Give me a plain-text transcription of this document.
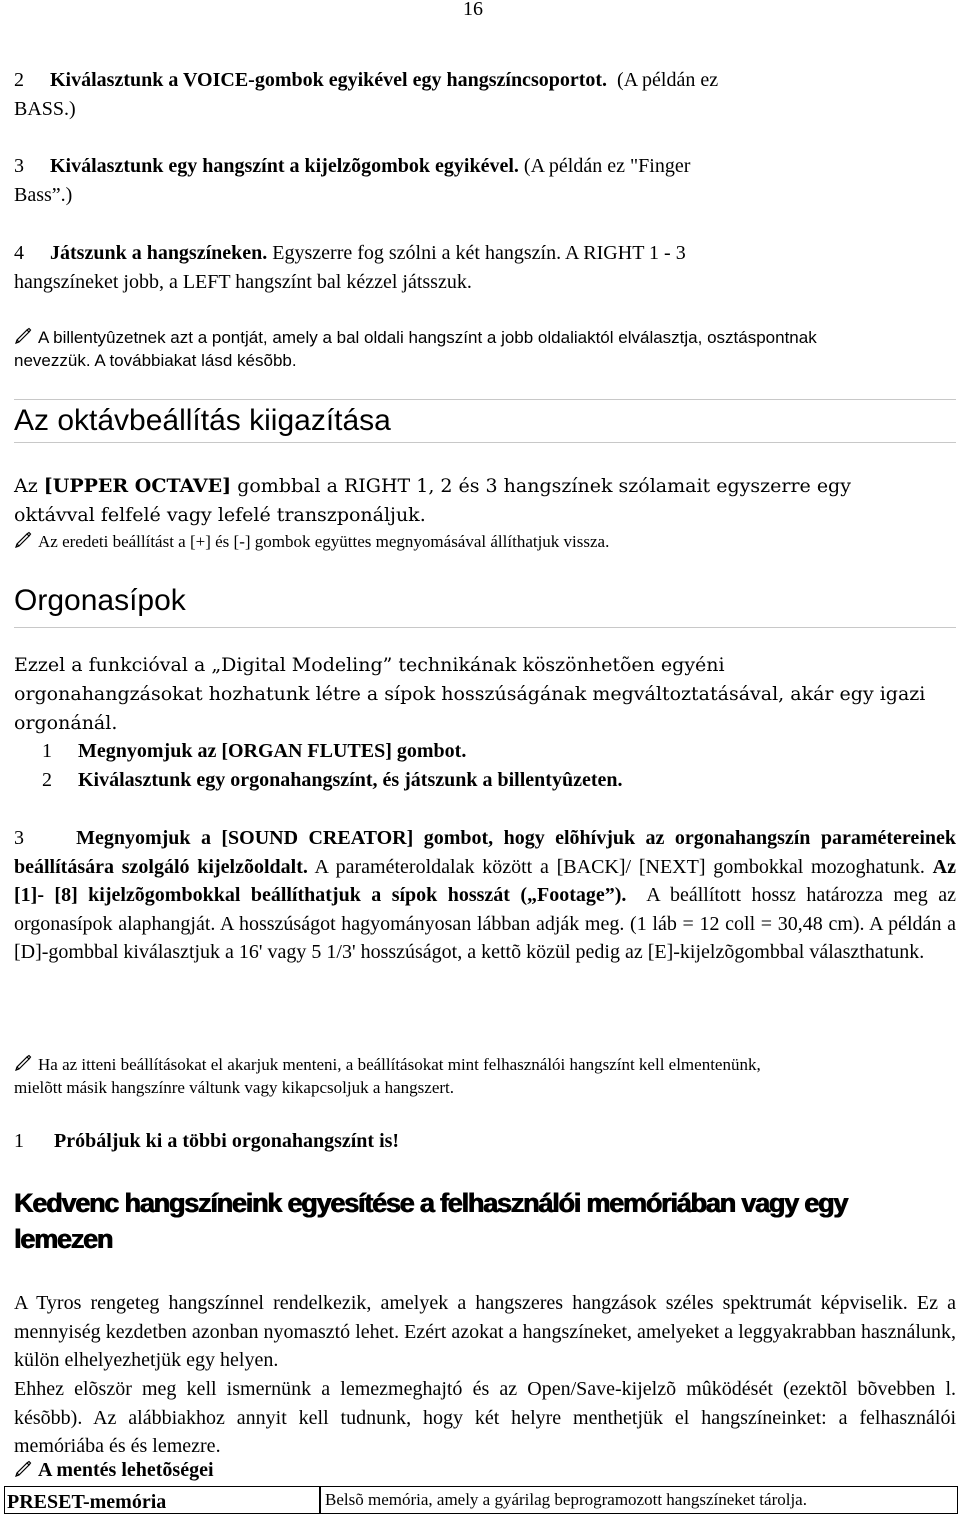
16
2 Kiválasztunk a VOICE-gombok egyikével egy hangszíncsoportot. (A példán ez
BASS.)
3 Kiválasztunk egy hangszínt a kijelzõgombok egyikével. (A példán ez "Finger
Bass”.)
4 Játszunk a hangszíneken. Egyszerre fog szólni a két hangszín. A RIGHT 1 - 3
hangszíneket jobb, a LEFT hangszínt bal kézzel játsszuk.
A billentyûzetnek azt a pontját, amely a bal oldali hangszínt a jobb oldaliaktól elválasztja, osztáspontnak
nevezzük. A továbbiakat lásd késõbb.
Az oktávbeállítás kiigazítása
Az [UPPER OCTAVE] gombbal a RIGHT 1, 2 és 3 hangszínek szólamait egyszerre egy
oktávval felfelé vagy lefelé transzponáljuk.
Az eredeti beállítást a [+] és [-] gombok együttes megnyomásával állíthatjuk vissza.
Orgonasípok
Ezzel a funkcióval a „Digital Modeling” technikának köszönhetõen egyéni
orgonahangzásokat hozhatunk létre a sípok hosszúságának megváltoztatásával, akár egy igazi
orgonánál.
1 Megnyomjuk az [ORGAN FLUTES] gombot.
2 Kiválasztunk egy orgonahangszínt, és játszunk a billentyûzeten.
3	Megnyomjuk a [SOUND CREATOR] gombot, hogy elõhívjuk az orgonahangszín paramétereinek beállítására szolgáló kijelzõoldalt. A paraméteroldalak között a [BACK]/ [NEXT] gombokkal mozoghatunk. Az [1]- [8] kijelzõgombokkal beállíthatjuk a sípok hosszát („Footage”). A beállított hossz határozza meg az orgonasípok alaphangját. A hosszúságot hagyományosan lábban adják meg. (1 láb = 12 coll = 30,48 cm). A példán a [D]-gombbal kiválasztjuk a 16' vagy 5 1/3' hosszúságot, a kettõ közül pedig az [E]-kijelzõgombbal választhatunk.
Ha az itteni beállításokat el akarjuk menteni, a beállításokat mint felhasználói hangszínt kell elmentenünk,
mielõtt másik hangszínre váltunk vagy kikapcsoljuk a hangszert.
1 Próbáljuk ki a többi orgonahangszínt is!
Kedvenc hangszíneink egyesítése a felhasználói memóriában vagy egy
lemezen
A Tyros rengeteg hangszínnel rendelkezik, amelyek a hangszeres hangzások széles spektrumát képviselik. Ez a mennyiség kezdetben azonban nyomasztó lehet. Ezért azokat a hangszíneket, amelyeket a leggyakrabban használunk, külön elhelyezhetjük egy helyen.
Ehhez elõször meg kell ismernünk a lemezmeghajtó és az Open/Save-kijelzõ mûködését (ezektõl bõvebben l. késõbb). Az alábbiakhoz annyit kell tudnunk, hogy két helyre menthetjük el hangszíneinket: a felhasználói memóriába és és lemezre.
A mentés lehetõségei
PRESET-memória	Belsõ memória, amely a gyárilag beprogramozott hangszíneket tárolja.
